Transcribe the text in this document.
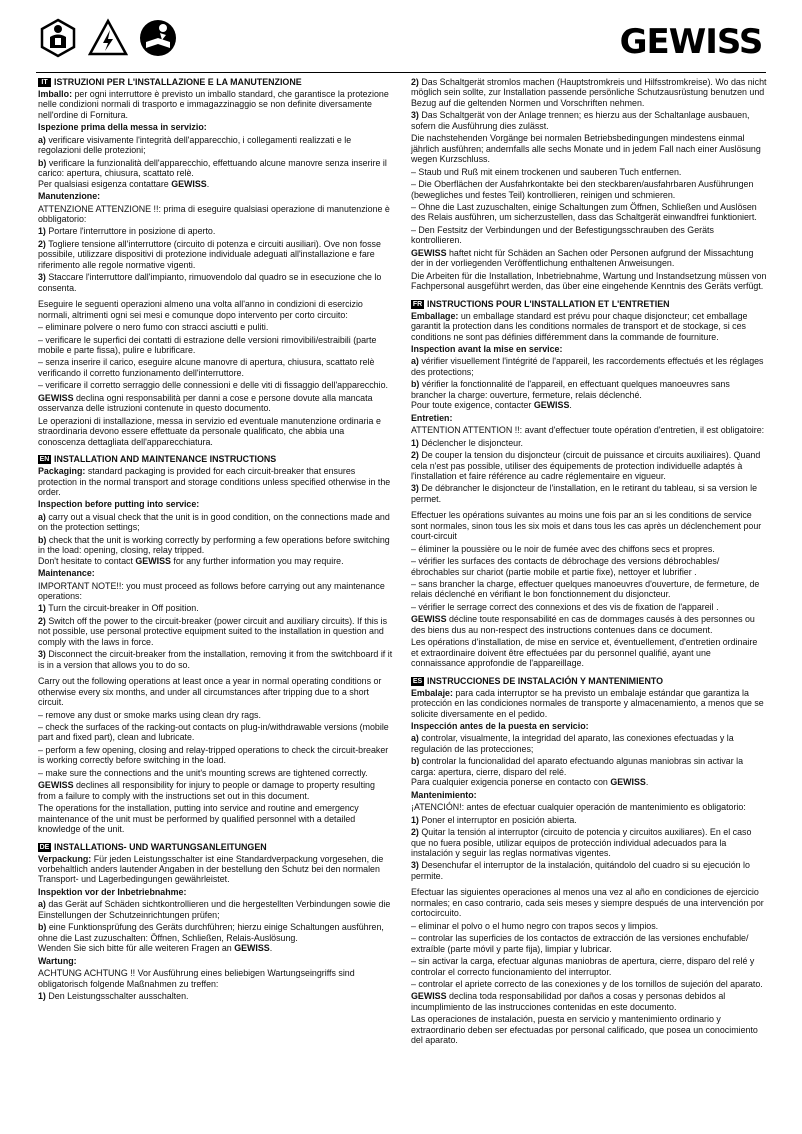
GEWISS
IT ISTRUZIONI PER L'INSTALLAZIONE E LA MANUTENZIONE

Imballo: per ogni interruttore è previsto un imballo standard, che garantisce la protezione nelle condizioni normali di trasporto e immagazzinaggio se non definite diversamente nell'ordine di Fornitura.

Ispezione prima della messa in servizio:

a) verificare visivamente l'integrità dell'apparecchio, i collegamenti realizzati e le regolazioni delle protezioni;

b) verificare la funzionalità dell'apparecchio, effettuando alcune manovre senza inserire il carico: apertura, chiusura, scattato relè.
Per qualsiasi esigenza contattare GEWISS.

Manutenzione:

ATTENZIONE ATTENZIONE !!: prima di eseguire qualsiasi operazione di manutenzione è obbligatorio:

1) Portare l'interruttore in posizione di aperto.

2) Togliere tensione all'interruttore (circuito di potenza e circuiti ausiliari). Ove non fosse possibile, utilizzare dispositivi di protezione individuale adeguati all'installazione e fare riferimento alle regole normative vigenti.

3) Staccare l'interruttore dall'impianto, rimuovendolo dal quadro se in esecuzione che lo consenta.

Eseguire le seguenti operazioni almeno una volta all'anno in condizioni di esercizio normali, altrimenti ogni sei mesi e comunque dopo intervento per corto circuito:

– eliminare polvere o nero fumo con stracci asciutti e puliti.

– verificare le superfici dei contatti di estrazione delle versioni rimovibili/estraibili (parte mobile e parte fissa), pulire e lubrificare.

– senza inserire il carico, eseguire alcune manovre di apertura, chiusura, scattato relè verificando il corretto funzionamento dell'interruttore.

– verificare il corretto serraggio delle connessioni e delle viti di fissaggio dell'apparecchio.

GEWISS declina ogni responsabilità per danni a cose e persone dovute alla mancata osservanza delle istruzioni contenute in questo documento.

Le operazioni di installazione, messa in servizio ed eventuale manutenzione ordinaria e straordinaria devono essere effettuate da personale qualificato, che abbia una conoscenza dettagliata dell'apparecchiatura.

EN INSTALLATION AND MAINTENANCE INSTRUCTIONS

Packaging: standard packaging is provided for each circuit-breaker that ensures protection in the normal transport and storage conditions unless specified otherwise in the order.

Inspection before putting into service:

a) carry out a visual check that the unit is in good condition, on the connections made and on the protection settings;

b) check that the unit is working correctly by performing a few operations before switching in the load: opening, closing, relay tripped.
Don't hesitate to contact GEWISS for any further information you may require.

Maintenance:

IMPORTANT NOTE!!: you must proceed as follows before carrying out any maintenance operations:

1) Turn the circuit-breaker in Off position.

2) Switch off the power to the circuit-breaker (power circuit and auxiliary circuits). If this is not possible, use personal protective equipment suited to the installation in question and comply with the laws in force.

3) Disconnect the circuit-breaker from the installation, removing it from the switchboard if it is in a version that allows you to do so.

Carry out the following operations at least once a year in normal operating conditions or otherwise every six months, and under all circumstances after tripping due to a short circuit.

– remove any dust or smoke marks using clean dry rags.

– check the surfaces of the racking-out contacts on plug-in/withdrawable versions (mobile part and fixed part), clean and lubricate.

– perform a few opening, closing and relay-tripped operations to check the circuit-breaker is working correctly before switching in the load.

– make sure the connections and the unit's mounting screws are tightened correctly.

GEWISS declines all responsibility for injury to people or damage to property resulting from a failure to comply with the instructions set out in this document.

The operations for the installation, putting into service and routine and emergency maintenance of the unit must be performed by qualified personnel with a detailed knowledge of the unit.

DE INSTALLATIONS- UND WARTUNGSANLEITUNGEN

Verpackung: Für jeden Leistungsschalter ist eine Standardverpackung vorgesehen, die vorbehaltlich anders lautender Angaben in der bestellung den Schutz bei den normalen Transport- und Lagerbedingungen gewährleistet.

Inspektion vor der Inbetriebnahme:

a) das Gerät auf Schäden sichtkontrollieren und die hergestellten Verbindungen sowie die Einstellungen der Schutzeinrichtungen prüfen;

b) eine Funktionsprüfung des Geräts durchführen; hierzu einige Schaltungen ausführen, ohne die Last zuzuschalten: Öffnen, Schließen, Relais-Auslösung.
Wenden Sie sich bitte für alle weiteren Fragen an GEWISS.

Wartung:

ACHTUNG ACHTUNG !! Vor Ausführung eines beliebigen Wartungseingriffs sind obligatorisch folgende Maßnahmen zu treffen:

1) Den Leistungsschalter ausschalten.

2) Das Schaltgerät stromlos machen (Hauptstromkreis und Hilfsstromkreise). Wo das nicht möglich sein sollte, zur Installation passende persönliche Schutzausrüstung benutzen und Bezug auf die geltenden Normen und Vorschriften nehmen.

3) Das Schaltgerät von der Anlage trennen; es hierzu aus der Schaltanlage ausbauen, sofern die Ausführung dies zulässt.

Die nachstehenden Vorgänge bei normalen Betriebsbedingungen mindestens einmal jährlich ausführen; andernfalls alle sechs Monate und in jedem Fall nach einer Auslösung wegen Kurzschluss.

– Staub und Ruß mit einem trockenen und sauberen Tuch entfernen.

– Die Oberflächen der Ausfahrkontakte bei den steckbaren/ausfahrbaren Ausführungen (bewegliches und festes Teil) kontrollieren, reinigen und schmieren.

– Ohne die Last zuzuschalten, einige Schaltungen zum Öffnen, Schließen und Auslösen des Relais ausführen, um sicherzustellen, dass das Schaltgerät einwandfrei funktioniert.

– Den Festsitz der Verbindungen und der Befestigungsschrauben des Geräts kontrollieren.

GEWISS haftet nicht für Schäden an Sachen oder Personen aufgrund der Missachtung der in der vorliegenden Veröffentlichung enthaltenen Anweisungen.

Die Arbeiten für die Installation, Inbetriebnahme, Wartung und Instandsetzung müssen von Fachpersonal ausgeführt werden, das über eine eingehende Kenntnis des Geräts verfügt.

FR INSTRUCTIONS POUR L'INSTALLATION ET L'ENTRETIEN

Emballage: un emballage standard est prévu pour chaque disjoncteur; cet emballage garantit la protection dans les conditions normales de transport et de stockage, si ces conditions ne sont pas définies différemment dans la commande de fourniture.

Inspection avant la mise en service:

a) vérifier visuellement l'intégrité de l'appareil, les raccordements effectués et les réglages des protections;

b) vérifier la fonctionnalité de l'appareil, en effectuant quelques manoeuvres sans brancher la charge: ouverture, fermeture, relais déclenché.
Pour toute exigence, contacter GEWISS.

Entretien:

ATTENTION ATTENTION !!: avant d'effectuer toute opération d'entretien, il est obligatoire:

1) Déclencher le disjoncteur.

2) De couper la tension du disjoncteur (circuit de puissance et circuits auxiliaires). Quand cela n'est pas possible, utiliser des équipements de protection individuelle adaptés à l'installation et faire référence au cadre réglementaire en vigueur.

3) De débrancher le disjoncteur de l'installation, en le retirant du tableau, si sa version le permet.

Effectuer les opérations suivantes au moins une fois par an si les conditions de service sont normales, sinon tous les six mois et dans tous les cas après un déclenchement pour court-circuit

– éliminer la poussière ou le noir de fumée avec des chiffons secs et propres.

– vérifier les surfaces des contacts de débrochage des versions débrochables/ ébrochables sur chariot (partie mobile et partie fixe), nettoyer et lubrifier .

– sans brancher la charge, effectuer quelques manoeuvres d'ouverture, de fermeture, de relais déclenché en vérifiant le bon fonctionnement du disjoncteur.

– vérifier le serrage correct des connexions et des vis de fixation de l'appareil .

GEWISS décline toute responsabilité en cas de dommages causés à des personnes ou des biens dus au non-respect des instructions contenues dans ce document.

Les opérations d'installation, de mise en service et, éventuellement, d'entretien ordinaire et extraordinaire doivent être effectuées par du personnel qualifié, ayant une connaissance approfondie de l'appareillage.

ES INSTRUCCIONES DE INSTALACIÓN Y MANTENIMIENTO

Embalaje: para cada interruptor se ha previsto un embalaje estándar que garantiza la protección en las condiciones normales de transporte y almacenamiento, a menos que se solicite diversamente en el pedido.

Inspección antes de la puesta en servicio:

a) controlar, visualmente, la integridad del aparato, las conexiones efectuadas y la regulación de las protecciones;

b) controlar la funcionalidad del aparato efectuando algunas maniobras sin activar la carga: apertura, cierre, disparo del relé.
Para cualquier exigencia ponerse en contacto con GEWISS.

Mantenimiento:

¡ATENCIÓN!: antes de efectuar cualquier operación de mantenimiento es obligatorio:

1) Poner el interruptor en posición abierta.

2) Quitar la tensión al interruptor (circuito de potencia y circuitos auxiliares). En el caso que no fuera posible, utilizar equipos de protección individual adecuados para la instalación y seguir las reglas normativas vigentes.

3) Desenchufar el interruptor de la instalación, quitándolo del cuadro si su ejecución lo permite.

Efectuar las siguientes operaciones al menos una vez al año en condiciones de ejercicio normales; en caso contrario, cada seis meses y siempre después de una intervención por cortocircuito.

– eliminar el polvo o el humo negro con trapos secos y limpios.

– controlar las superficies de los contactos de extracción de las versiones enchufable/ extraíble (parte móvil y parte fija), limpiar y lubricar.

– sin activar la carga, efectuar algunas maniobras de apertura, cierre, disparo del relé y controlar el correcto funcionamiento del interruptor.

– controlar el apriete correcto de las conexiones y de los tornillos de sujeción del aparato.

GEWISS declina toda responsabilidad por daños a cosas y personas debidos al incumplimiento de las instrucciones contenidas en este documento.

Las operaciones de instalación, puesta en servicio y mantenimiento ordinario y extraordinario deben ser efectuadas por personal calificado, que posea un conocimiento del aparato.
